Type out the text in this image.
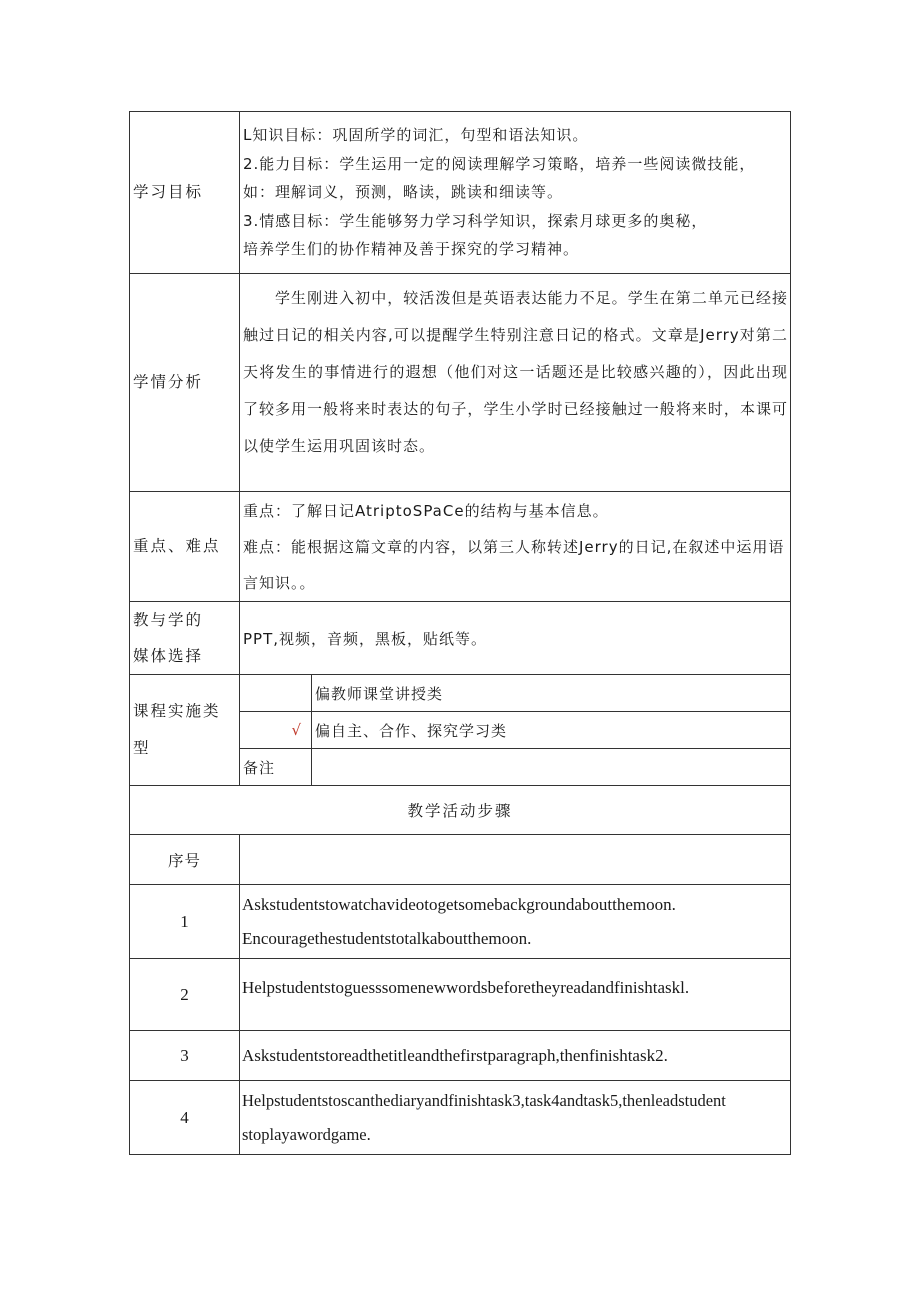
学习目标	L知识目标：巩固所学的词汇，句型和语法知识。

2.能力目标：学生运用一定的阅读理解学习策略，培养一些阅读微技能，

如：理解词义，预测，略读，跳读和细读等。

3.情感目标：学生能够努力学习科学知识，探索月球更多的奥秘，

培养学生们的协作精神及善于探究的学习精神。	

学情分析	学生刚进入初中，较活泼但是英语表达能力不足。学生在第二单元已经接触过日记的相关内容,可以提醒学生特别注意日记的格式。文章是Jerry对第二天将发生的事情进行的遐想（他们对这一话题还是比较感兴趣的），因此出现了较多用一般将来时表达的句子，学生小学时已经接触过一般将来时，本课可以使学生运用巩固该时态。	

重点、难点	重点：了解日记AtriptoSPaCe的结构与基本信息。

难点：能根据这篇文章的内容，以第三人称转述Jerry的日记,在叙述中运用语言知识。。	

教与学的
媒体选择	PPT,视频，音频，黑板，贴纸等。	

课程实施类
型		偏教师课堂讲授类
	√	偏自主、合作、探究学习类
	备注	
教学活动步骤		
序号		
1	Askstudentstowatchavideotogetsomebackgroundaboutthemoon.

Encouragethestudentstotalkaboutthemoon.	

2	Helpstudentstoguesssomenewwordsbeforetheyreadandfinishtaskl.	

3	Askstudentstoreadthetitleandthefirstparagraph,thenfinishtask2.	

4	Helpstudentstoscanthediaryandfinishtask3,task4andtask5,thenleadstudent

stoplayawordgame.	
